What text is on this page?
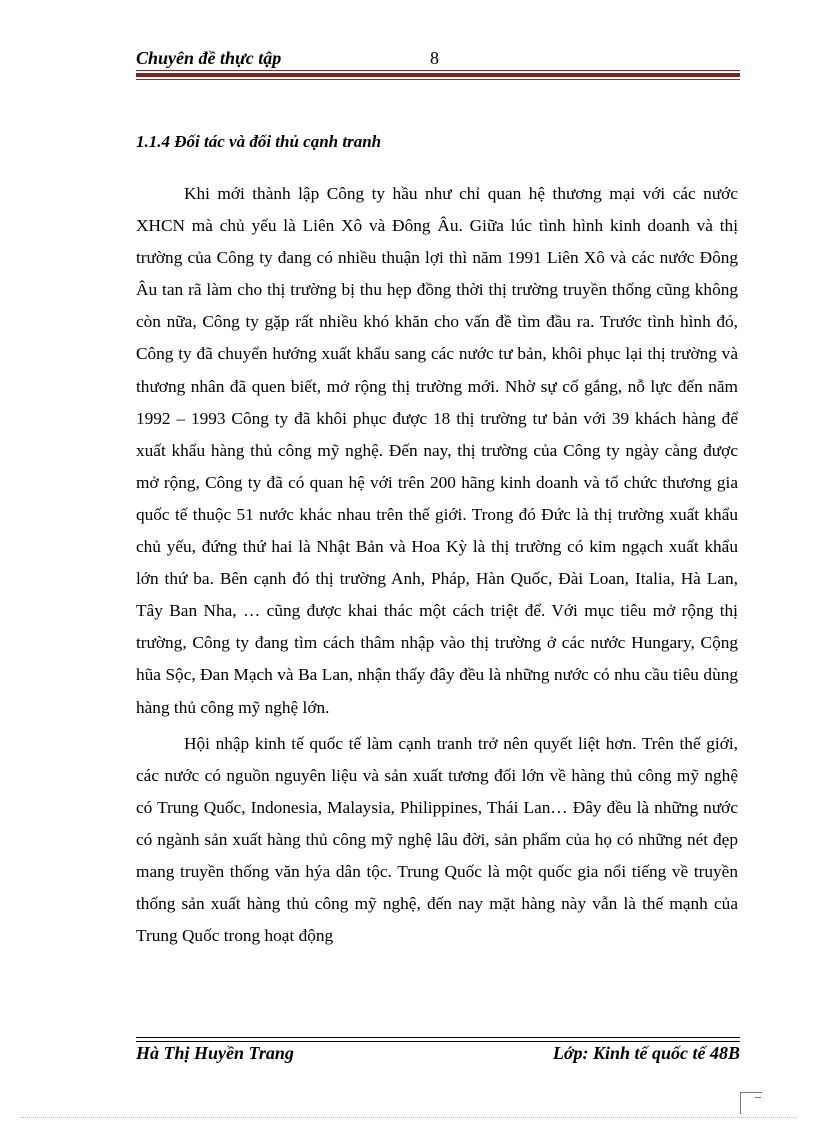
Chuyên đề thực tập	8
1.1.4 Đối tác và đối thủ cạnh tranh

Khi mới thành lập Công ty hầu như chỉ quan hệ thương mại với các nước XHCN mà chủ yếu là Liên Xô và Đông Âu. Giữa lúc tình hình kinh doanh và thị trường của Công ty đang có nhiều thuận lợi thì năm 1991 Liên Xô và các nước Đông Âu tan rã làm cho thị trường bị thu hẹp đồng thời thị trường truyền thống cũng không còn nữa, Công ty gặp rất nhiều khó khăn cho vấn đề tìm đầu ra. Trước tình hình đó, Công ty đã chuyển hướng xuất khẩu sang các nước tư bản, khôi phục lại thị trường và thương nhân đã quen biết, mở rộng thị trường mới. Nhờ sự cố gắng, nỗ lực đến năm 1992 – 1993 Công ty đã khôi phục được 18 thị trường tư bản với 39 khách hàng để xuất khẩu hàng thủ công mỹ nghệ. Đến nay, thị trường của Công ty ngày càng được mở rộng, Công ty đã có quan hệ với trên 200 hãng kinh doanh và tổ chức thương gia quốc tế thuộc 51 nước khác nhau trên thế giới. Trong đó Đức là thị trường xuất khẩu chủ yếu, đứng thứ hai là Nhật Bản và Hoa Kỳ là thị trường có kim ngạch xuất khẩu lớn thứ ba. Bên cạnh đó thị trường Anh, Pháp, Hàn Quốc, Đài Loan, Italia, Hà Lan, Tây Ban Nha, … cũng được khai thác một cách triệt để. Với mục tiêu mở rộng thị trường, Công ty đang tìm cách thâm nhập vào thị trường ở các nước Hungary, Cộng hũa Sộc, Đan Mạch và Ba Lan, nhận thấy đây đều là những nước có nhu cầu tiêu dùng hàng thủ công mỹ nghệ lớn.

Hội nhập kinh tế quốc tế làm cạnh tranh trở nên quyết liệt hơn. Trên thế giới, các nước có nguồn nguyên liệu và sản xuất tương đối lớn về hàng thủ công mỹ nghệ có Trung Quốc, Indonesia, Malaysia, Philippines, Thái Lan… Đây đều là những nước có ngành sản xuất hàng thủ công mỹ nghệ lâu đời, sản phẩm của họ có những nét đẹp mang truyền thống văn hýa dân tộc. Trung Quốc là một quốc gia nổi tiếng về truyền thống sản xuất hàng thủ công mỹ nghệ, đến nay mặt hàng này vẫn là thế mạnh của Trung Quốc trong hoạt động

Hà Thị Huyền Trang	Lớp: Kinh tế quốc tế 48B
